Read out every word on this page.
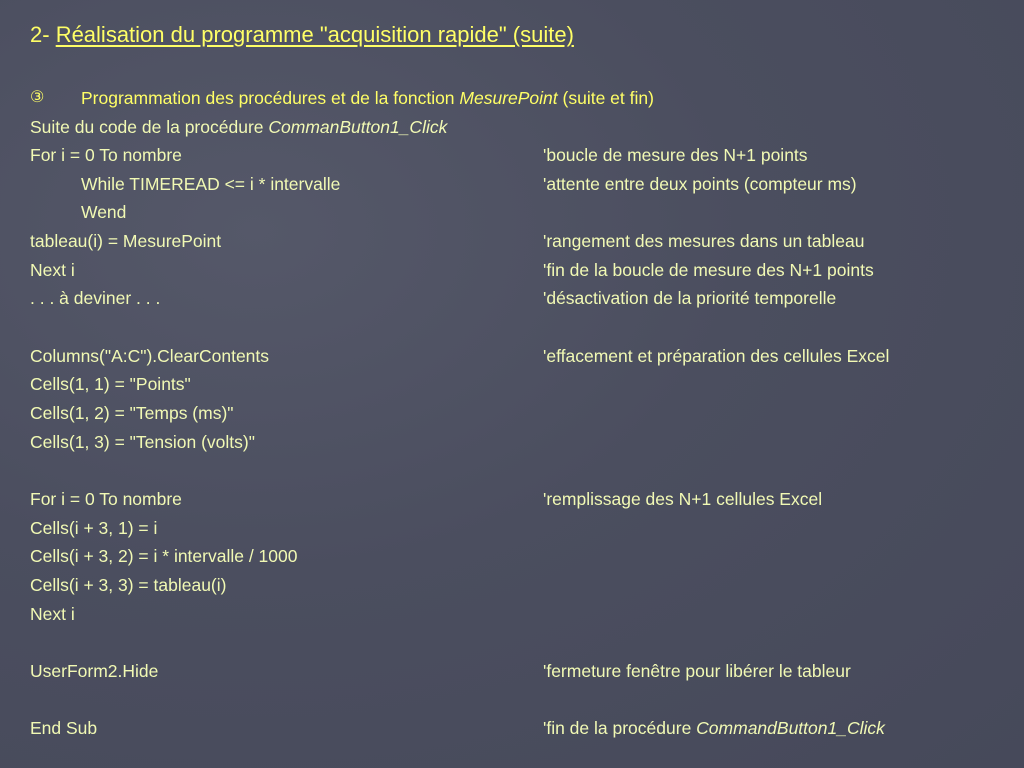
2- Réalisation du programme "acquisition rapide" (suite)
③ Programmation des procédures et de la fonction MesurePoint (suite et fin)
Suite du code de la procédure CommanButton1_Click
For i = 0 To nombre	'boucle de mesure des N+1 points
While TIMEREAD <= i * intervalle	'attente entre deux points (compteur ms)
Wend
tableau(i) = MesurePoint	'rangement des mesures dans un tableau
Next i	'fin de la boucle de mesure des N+1 points
. . . à deviner . . .	'désactivation de la priorité temporelle
Columns("A:C").ClearContents	'effacement et préparation des cellules Excel
Cells(1, 1) = "Points"
Cells(1, 2) = "Temps (ms)"
Cells(1, 3) = "Tension (volts)"
For i = 0 To nombre	'remplissage des N+1 cellules Excel
Cells(i + 3, 1) = i
Cells(i + 3, 2) = i * intervalle / 1000
Cells(i + 3, 3) = tableau(i)
Next i
UserForm2.Hide	'fermeture fenêtre pour libérer le tableur
End Sub	'fin de la procédure CommandButton1_Click
